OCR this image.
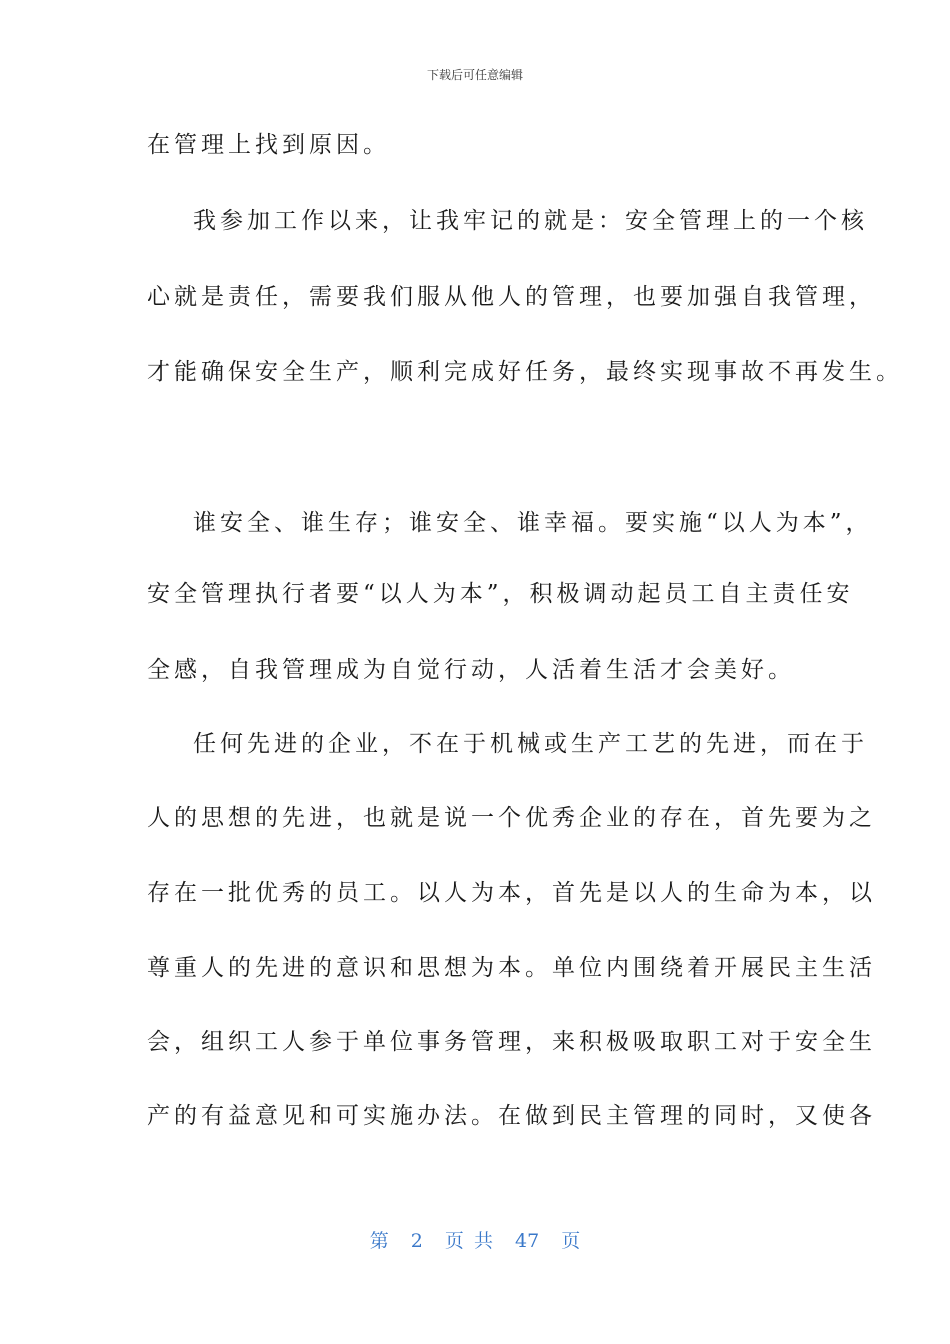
下载后可任意编辑
在管理上找到原因。
我参加工作以来，让我牢记的就是：安全管理上的一个核
心就是责任，需要我们服从他人的管理，也要加强自我管理，
才能确保安全生产，顺利完成好任务，最终实现事故不再发生。
谁安全、谁生存；谁安全、谁幸福。要实施“以人为本”，
安全管理执行者要“以人为本”，积极调动起员工自主责任安
全感，自我管理成为自觉行动，人活着生活才会美好。
任何先进的企业，不在于机械或生产工艺的先进，而在于
人的思想的先进，也就是说一个优秀企业的存在，首先要为之
存在一批优秀的员工。以人为本，首先是以人的生命为本，以
尊重人的先进的意识和思想为本。单位内围绕着开展民主生活
会，组织工人参于单位事务管理，来积极吸取职工对于安全生
产的有益意见和可实施办法。在做到民主管理的同时，又使各
第 2 页 共 47 页
